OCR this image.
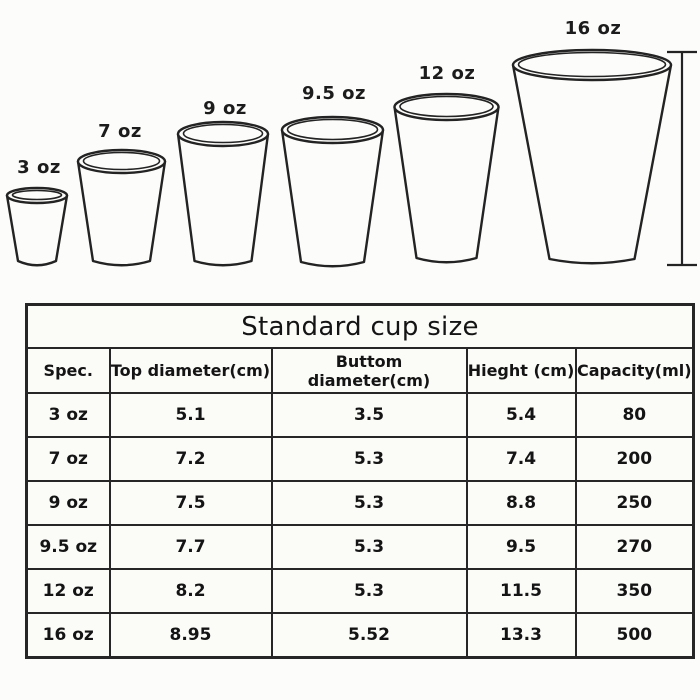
3 oz
7 oz
9 oz
9.5 oz
12 oz
16 oz
Standard cup size				
Spec.	Top diameter(cm)	Buttom diameter(cm)	Hieght (cm)	Capacity(ml)
3 oz	5.1	3.5	5.4	80
7 oz	7.2	5.3	7.4	200
9 oz	7.5	5.3	8.8	250
9.5 oz	7.7	5.3	9.5	270
12 oz	8.2	5.3	11.5	350
16 oz	8.95	5.52	13.3	500
